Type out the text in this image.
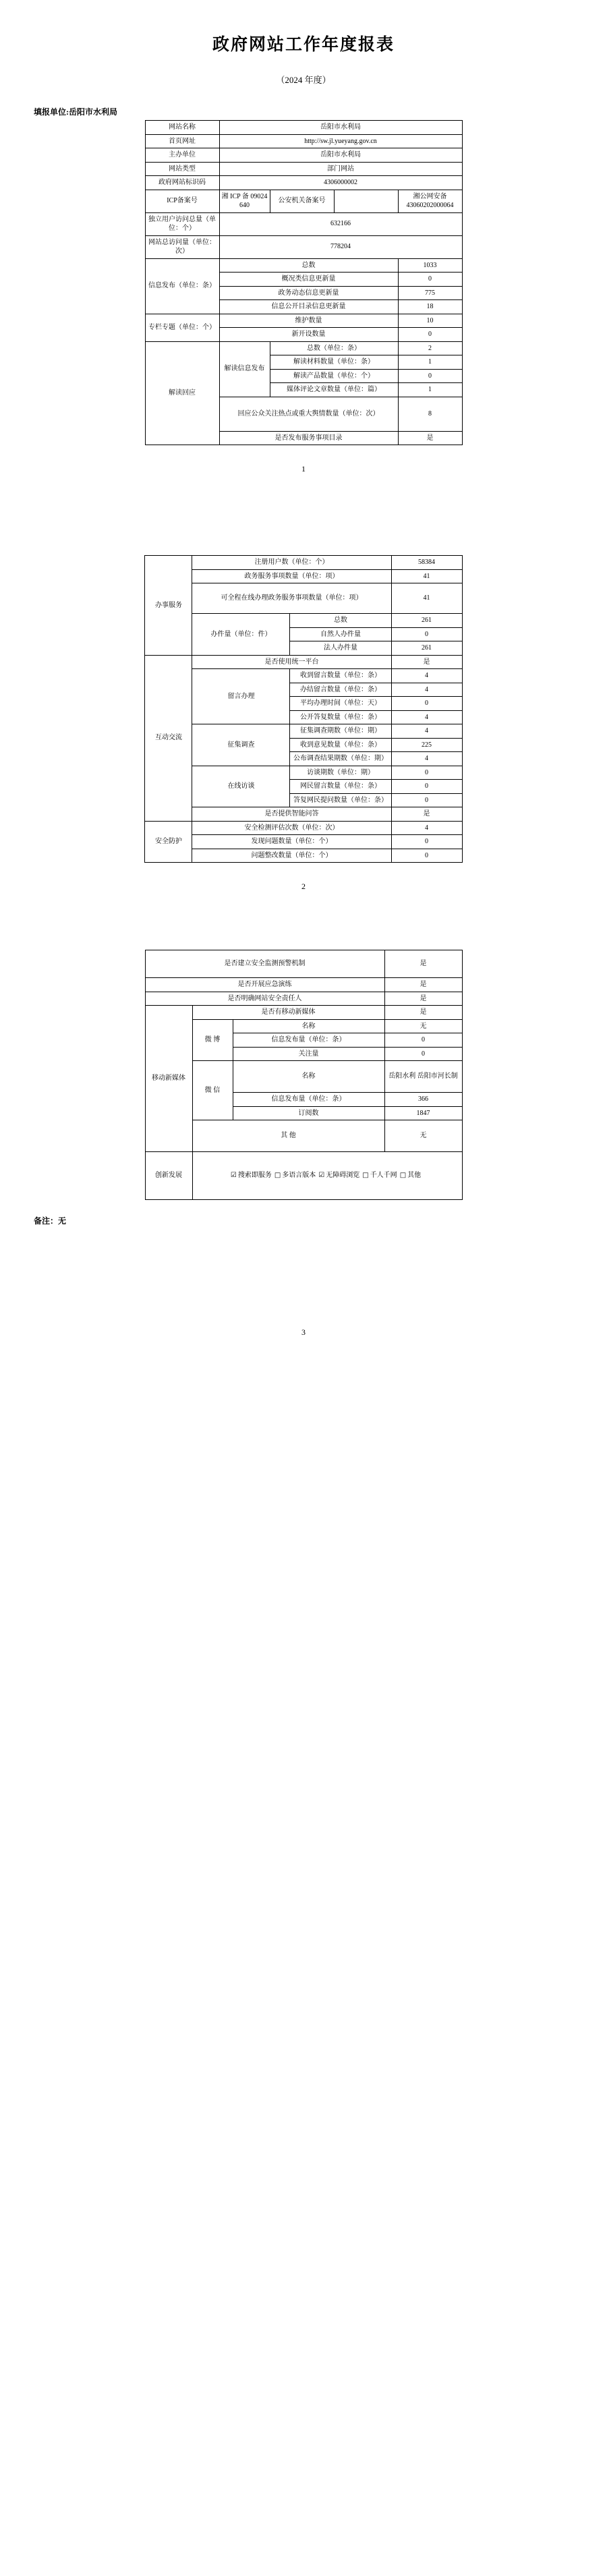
政府网站工作年度报表
（2024 年度）
填报单位:岳阳市水利局
网站名称	岳阳市水利局			
首页网址	http://sw.jl.yueyang.gov.cn			
主办单位	岳阳市水利局			
网站类型	部门网站			
政府网站标识码	4306000002			
ICP备案号	湘 ICP 备 09024640	公安机关备案号		湘公网安备
43060202000064
独立用户访问总量（单位：个）	632166			
网站总访问量（单位：次）	778204			
信息发布（单位：条）	总数			1033
	概况类信息更新量			0
	政务动态信息更新量			775
	信息公开目录信息更新量			18
专栏专题（单位：个）	维护数量			10
	新开设数量			0
解读回应	解读信息发布	总数（单位：条）		2
		解读材料数量（单位：条）		1
		解读产品数量（单位：个）		0
		媒体评论文章数量（单位：篇）		1
	回应公众关注热点或重大舆情数量（单位：次）			8
	是否发布服务事项目录			是
1
办事服务	注册用户数（单位：个）		58384
	政务服务事项数量（单位：项）		41
	可全程在线办理政务服务事项数量（单位：项）		41
	办件量（单位：件）	总数	261
		自然人办件量	0
		法人办件量	261
互动交流	是否使用统一平台		是
	留言办理	收到留言数量（单位：条）	4
		办结留言数量（单位：条）	4
		平均办理时间（单位：天）	0
		公开答复数量（单位：条）	4
	征集调查	征集调查期数（单位：期）	4
		收到意见数量（单位：条）	225
		公布调查结果期数（单位：期）	4
	在线访谈	访谈期数（单位：期）	0
		网民留言数量（单位：条）	0
		答复网民提问数量（单位：条）	0
	是否提供智能问答		是
安全防护	安全检测评估次数（单位：次）		4
	发现问题数量（单位：个）		0
	问题整改数量（单位：个）		0
2
是否建立安全监测预警机制			是
是否开展应急演练			是
是否明确网站安全责任人			是
移动新媒体	是否有移动新媒体		是
	微 博	名称	无
		信息发布量（单位：条）	0
		关注量	0
	微 信	名称	岳阳水利 岳阳市河长制
		信息发布量（单位：条）	366
		订阅数	1847
	其 他		无
创新发展	☑ 搜索即服务 □ 多语言版本 ☑ 无障碍浏览 □ 千人千网 □ 其他		
备注：无
3
